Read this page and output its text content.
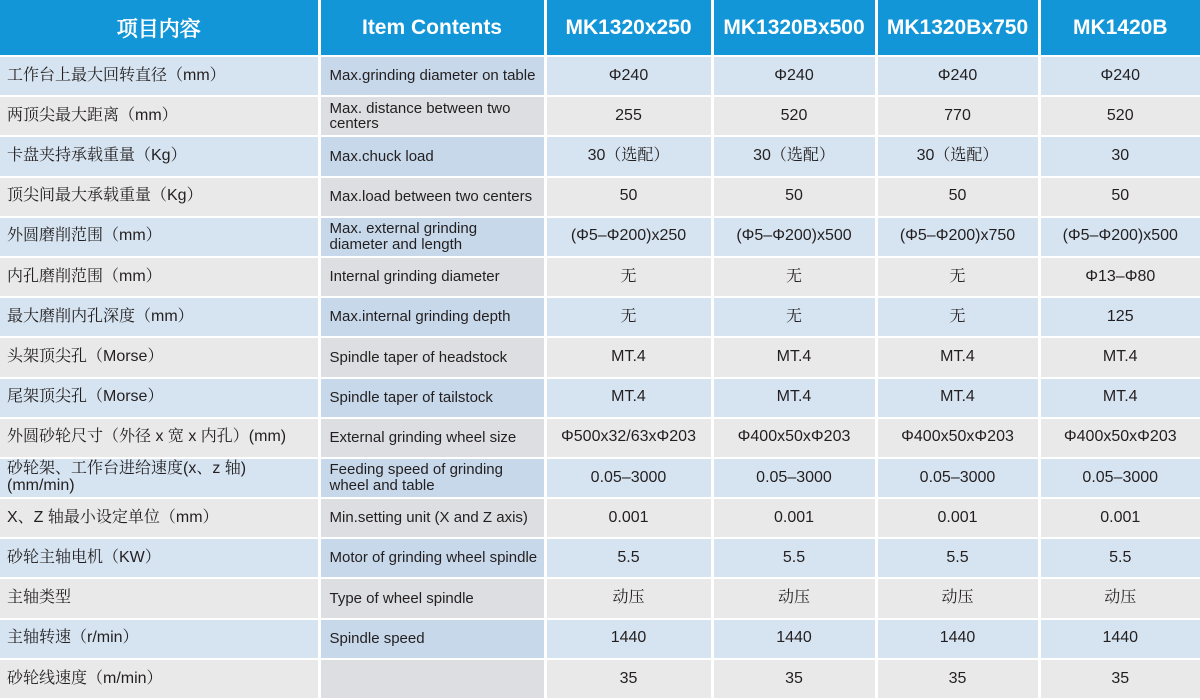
项目内容	Item Contents	MK1320x250	MK1320Bx500	MK1320Bx750	MK1420B
工作台上最大回转直径（mm）	Max.grinding diameter on table	Φ240	Φ240	Φ240	Φ240
两顶尖最大距离（mm）	Max. distance between two centers	255	520	770	520
卡盘夹持承载重量（Kg）	Max.chuck load	30（选配）	30（选配）	30（选配）	30
顶尖间最大承载重量（Kg）	Max.load between two centers	50	50	50	50
外圆磨削范围（mm）	Max. external grinding diameter and length	(Φ5–Φ200)x250	(Φ5–Φ200)x500	(Φ5–Φ200)x750	(Φ5–Φ200)x500
内孔磨削范围（mm）	Internal grinding diameter	无	无	无	Φ13–Φ80
最大磨削内孔深度（mm）	Max.internal grinding depth	无	无	无	125
头架顶尖孔（Morse）	Spindle taper of headstock	MT.4	MT.4	MT.4	MT.4
尾架顶尖孔（Morse）	Spindle taper of tailstock	MT.4	MT.4	MT.4	MT.4
外圆砂轮尺寸（外径 x 宽 x 内孔）(mm)	External grinding wheel size	Φ500x32/63xΦ203	Φ400x50xΦ203	Φ400x50xΦ203	Φ400x50xΦ203
砂轮架、工作台进给速度(x、z 轴)(mm/min)	Feeding speed of grinding wheel and table	0.05–3000	0.05–3000	0.05–3000	0.05–3000
X、Z 轴最小设定单位（mm）	Min.setting unit (X and Z axis)	0.001	0.001	0.001	0.001
砂轮主轴电机（KW）	Motor of grinding wheel spindle	5.5	5.5	5.5	5.5
主轴类型	Type of wheel spindle	动压	动压	动压	动压
主轴转速（r/min）	Spindle speed	1440	1440	1440	1440
砂轮线速度（m/min）		35	35	35	35
